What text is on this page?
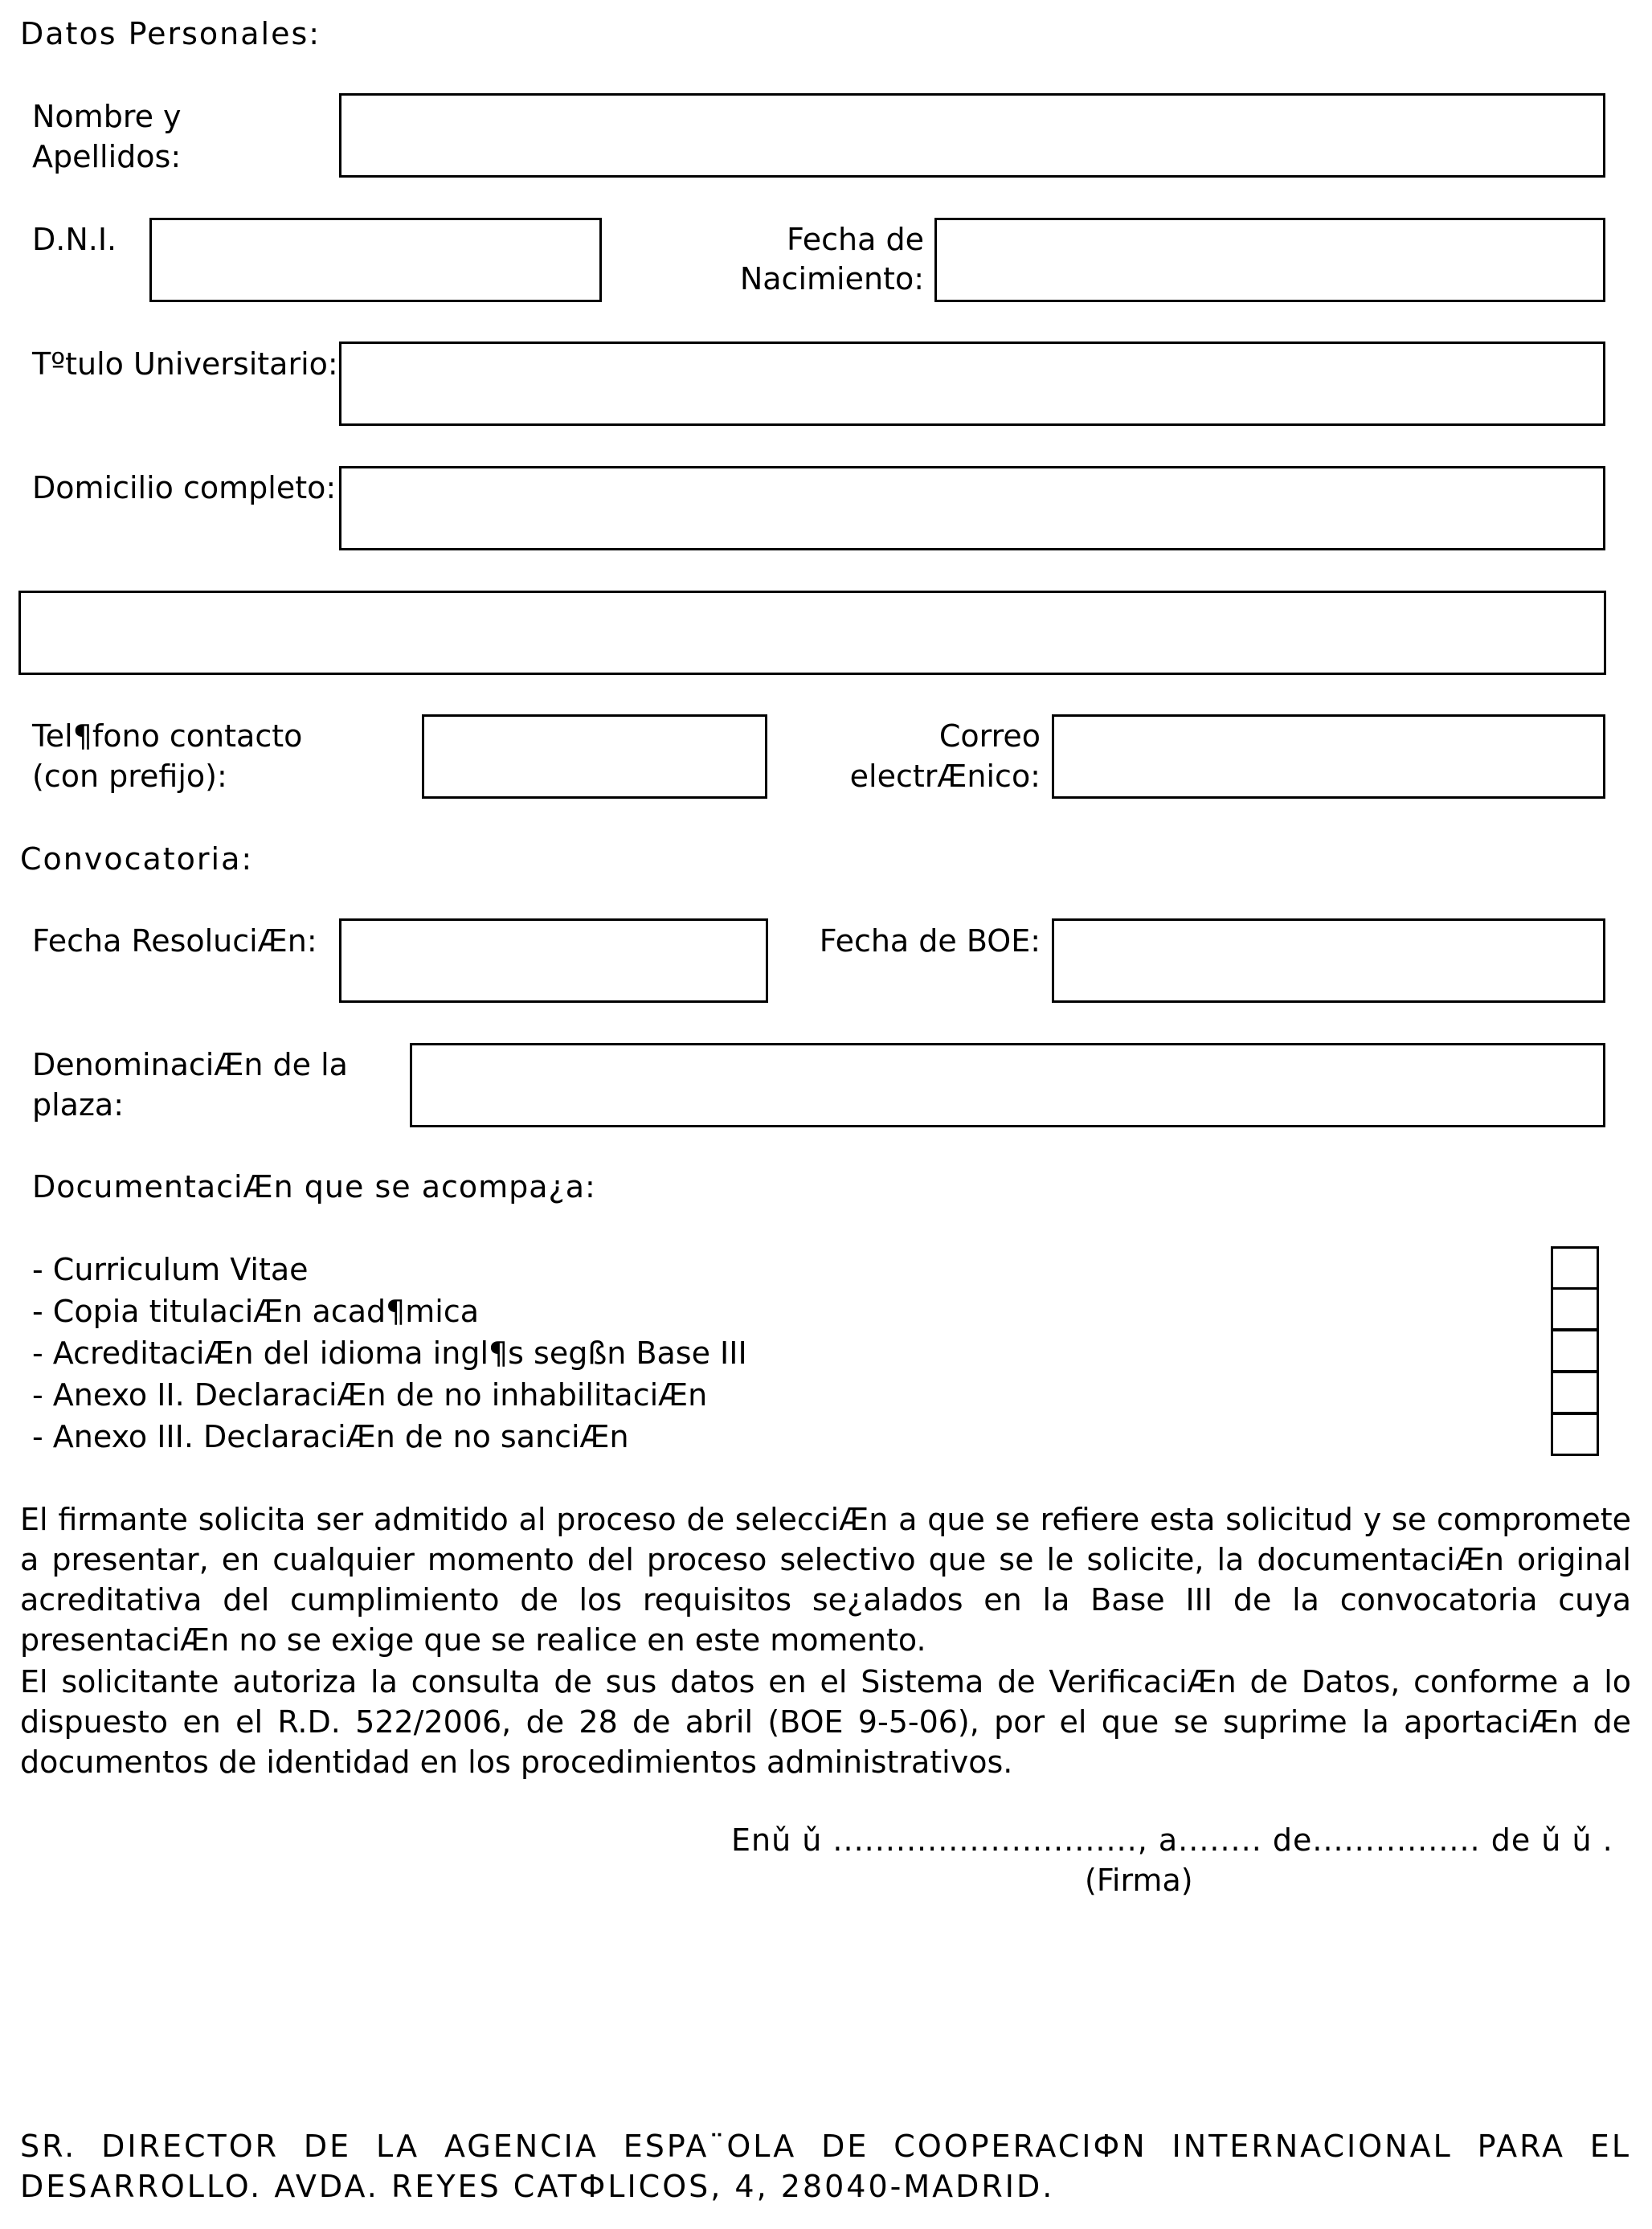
Datos Personales:
Nombre y
Apellidos:
D.N.I.	Fecha de
Nacimiento:
Tºtulo Universitario:
Domicilio completo:
Tel¶fono contacto
(con prefijo):
Correo
electrÆnico:
Convocatoria:
Fecha ResoluciÆn:	Fecha de BOE:
DenominaciÆn de la
plaza:
DocumentaciÆn que se acompa¿a:
- Curriculum Vitae
- Copia titulaciÆn acad¶mica
- AcreditaciÆn del idioma ingl¶s segßn Base III
- Anexo II. DeclaraciÆn de no inhabilitaciÆn
- Anexo III. DeclaraciÆn de no sanciÆn
El firmante solicita ser admitido al proceso de selecciÆn a que se refiere esta solicitud y se compromete a presentar, en cualquier momento del proceso selectivo que se le solicite, la documentaciÆn original acreditativa del cumplimiento de los requisitos se¿alados en la Base III de la convocatoria cuya presentaciÆn no se exige que se realice en este momento.
El solicitante autoriza la consulta de sus datos en el Sistema de VerificaciÆn de Datos, conforme a lo dispuesto en el R.D. 522/2006, de 28 de abril (BOE 9-5-06), por el que se suprime la aportaciÆn de documentos de identidad en los procedimientos administrativos.
Enǔ ǔ ............................., a........ de................ de ǔ ǔ .
(Firma)
SR. DIRECTOR DE LA AGENCIA ESPA¨OLA DE COOPERACIФN INTERNACIONAL PARA EL DESARROLLO. AVDA. REYES CATФLICOS, 4, 28040-MADRID.
